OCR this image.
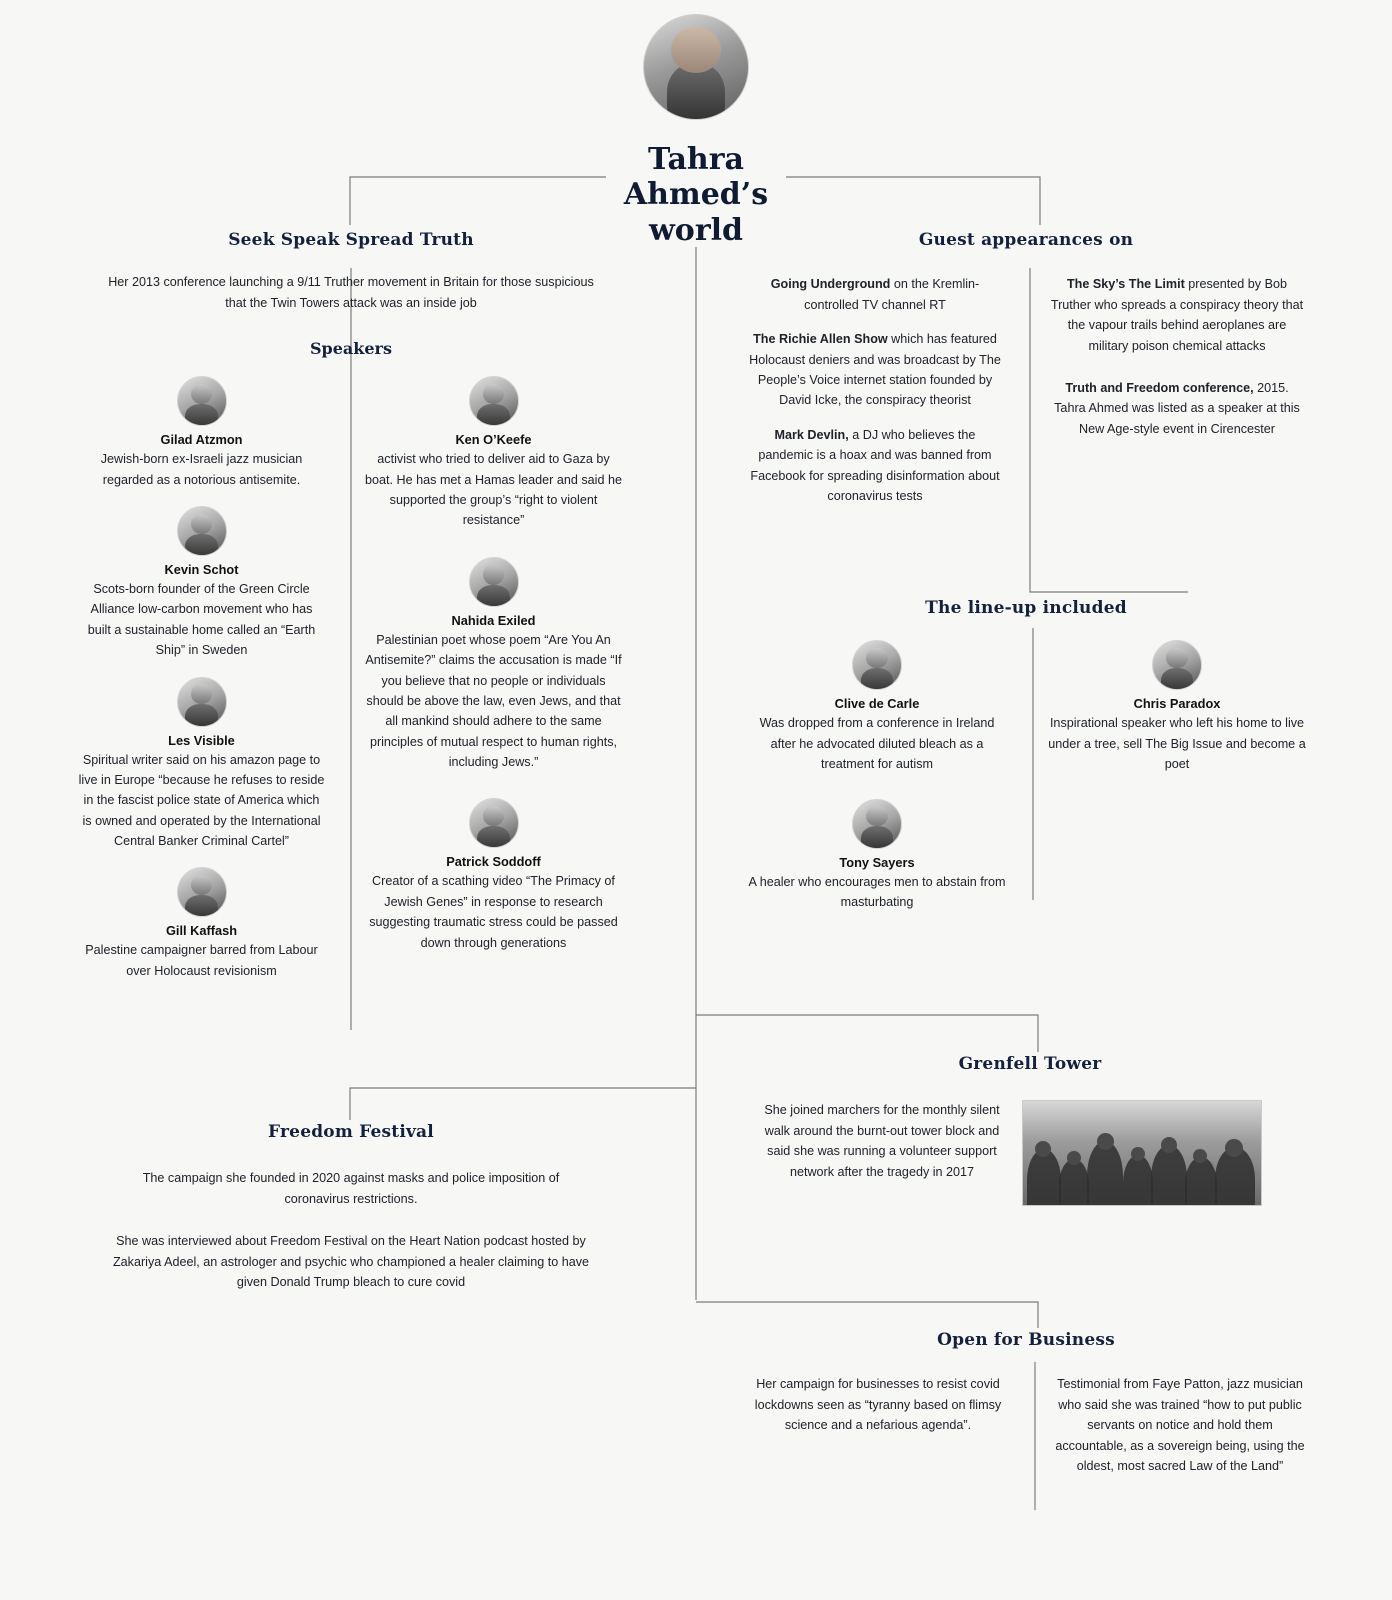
Tahra Ahmed’s world
Seek Speak Spread Truth
Her 2013 conference launching a 9/11 Truther movement in Britain for those suspicious that the Twin Towers attack was an inside job
Speakers
Gilad Atzmon
Jewish-born ex-Israeli jazz musician regarded as a notorious antisemite.
Kevin Schot
Scots-born founder of the Green Circle Alliance low-carbon movement who has built a sustainable home called an “Earth Ship” in Sweden
Les Visible
Spiritual writer said on his amazon page to live in Europe “because he refuses to reside in the fascist police state of America which is owned and operated by the International Central Banker Criminal Cartel”
Gill Kaffash
Palestine campaigner barred from Labour over Holocaust revisionism
Ken O’Keefe
activist who tried to deliver aid to Gaza by boat. He has met a Hamas leader and said he supported the group’s “right to violent resistance”
Nahida Exiled
Palestinian poet whose poem “Are You An Antisemite?” claims the accusation is made “If you believe that no people or individuals should be above the law, even Jews, and that all mankind should adhere to the same principles of mutual respect to human rights, including Jews.”
Patrick Soddoff
Creator of a scathing video “The Primacy of Jewish Genes” in response to research suggesting traumatic stress could be passed down through generations
Guest appearances on

Going Underground on the Kremlin-controlled TV channel RT

The Richie Allen Show which has featured Holocaust deniers and was broadcast by The People’s Voice internet station founded by David Icke, the conspiracy theorist

Mark Devlin, a DJ who believes the pandemic is a hoax and was banned from Facebook for spreading disinformation about coronavirus tests

The Sky’s The Limit presented by Bob Truther who spreads a conspiracy theory that the vapour trails behind aeroplanes are military poison chemical attacks

Truth and Freedom conference, 2015. Tahra Ahmed was listed as a speaker at this New Age-style event in Cirencester

The line-up included
Clive de Carle
Was dropped from a conference in Ireland after he advocated diluted bleach as a treatment for autism
Tony Sayers
A healer who encourages men to abstain from masturbating
Chris Paradox
Inspirational speaker who left his home to live under a tree, sell The Big Issue and become a poet
Freedom Festival
The campaign she founded in 2020 against masks and police imposition of coronavirus restrictions.
She was interviewed about Freedom Festival on the Heart Nation podcast hosted by Zakariya Adeel, an astrologer and psychic who championed a healer claiming to have given Donald Trump bleach to cure covid
Grenfell Tower
She joined marchers for the monthly silent walk around the burnt-out tower block and said she was running a volunteer support network after the tragedy in 2017
Open for Business
Her campaign for businesses to resist covid lockdowns seen as “tyranny based on flimsy science and a nefarious agenda”.
Testimonial from Faye Patton, jazz musician who said she was trained “how to put public servants on notice and hold them accountable, as a sovereign being, using the oldest, most sacred Law of the Land”
